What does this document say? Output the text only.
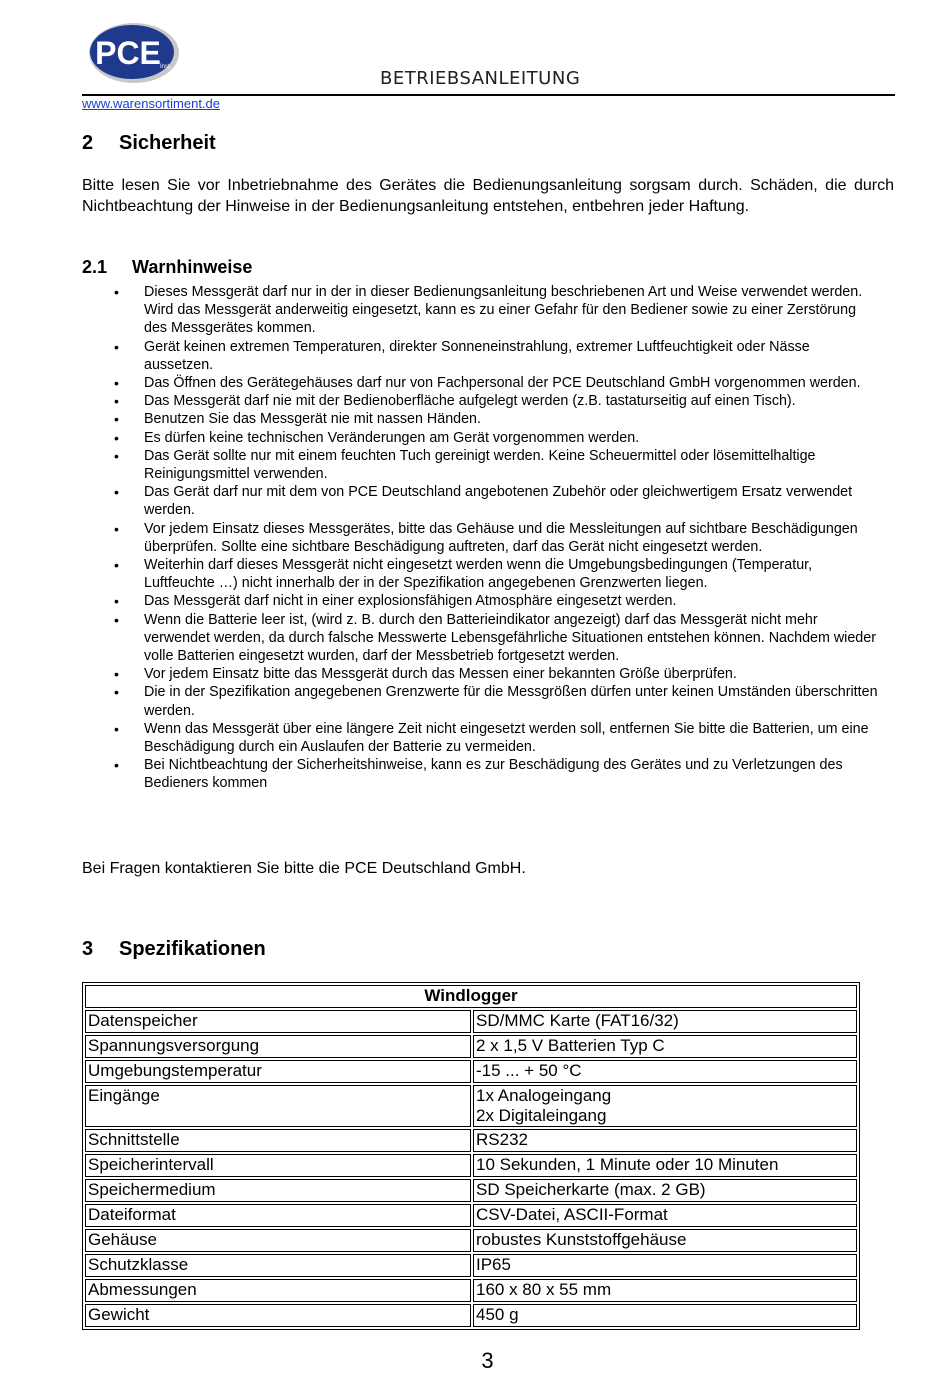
PCE Inst.
BETRIEBSANLEITUNG
www.warensortiment.de
2 Sicherheit

Bitte lesen Sie vor Inbetriebnahme des Gerätes die Bedienungsanleitung sorgsam durch. Schäden, die durch Nichtbeachtung der Hinweise in der Bedienungsanleitung entstehen, entbehren jeder Haftung.

2.1 Warnhinweise
• Dieses Messgerät darf nur in der in dieser Bedienungsanleitung beschriebenen Art und Weise verwendet werden. Wird das Messgerät anderweitig eingesetzt, kann es zu einer Gefahr für den Bediener sowie zu einer Zerstörung des Messgerätes kommen.
• Gerät keinen extremen Temperaturen, direkter Sonneneinstrahlung, extremer Luftfeuchtigkeit oder Nässe aussetzen.
• Das Öffnen des Gerätegehäuses darf nur von Fachpersonal der PCE Deutschland GmbH vorgenommen werden.
• Das Messgerät darf nie mit der Bedienoberfläche aufgelegt werden (z.B. tastaturseitig auf einen Tisch).
• Benutzen Sie das Messgerät nie mit nassen Händen.
• Es dürfen keine technischen Veränderungen am Gerät vorgenommen werden.
• Das Gerät sollte nur mit einem feuchten Tuch gereinigt werden. Keine Scheuermittel oder lösemittelhaltige Reinigungsmittel verwenden.
• Das Gerät darf nur mit dem von PCE Deutschland angebotenen Zubehör oder gleichwertigem Ersatz verwendet werden.
• Vor jedem Einsatz dieses Messgerätes, bitte das Gehäuse und die Messleitungen auf sichtbare Beschädigungen überprüfen. Sollte eine sichtbare Beschädigung auftreten, darf das Gerät nicht eingesetzt werden.
• Weiterhin darf dieses Messgerät nicht eingesetzt werden wenn die Umgebungsbedingungen (Temperatur, Luftfeuchte …) nicht innerhalb der in der Spezifikation angegebenen Grenzwerten liegen.
• Das Messgerät darf nicht in einer explosionsfähigen Atmosphäre eingesetzt werden.
• Wenn die Batterie leer ist, (wird z. B. durch den Batterieindikator angezeigt) darf das Messgerät nicht mehr verwendet werden, da durch falsche Messwerte Lebensgefährliche Situationen entstehen können. Nachdem wieder volle Batterien eingesetzt wurden, darf der Messbetrieb fortgesetzt werden.
• Vor jedem Einsatz bitte das Messgerät durch das Messen einer bekannten Größe überprüfen.
• Die in der Spezifikation angegebenen Grenzwerte für die Messgrößen dürfen unter keinen Umständen überschritten werden.
• Wenn das Messgerät über eine längere Zeit nicht eingesetzt werden soll, entfernen Sie bitte die Batterien, um eine Beschädigung durch ein Auslaufen der Batterie zu vermeiden.
• Bei Nichtbeachtung der Sicherheitshinweise, kann es zur Beschädigung des Gerätes und zu Verletzungen des Bedieners kommen

Bei Fragen kontaktieren Sie bitte die PCE Deutschland GmbH.

3 Spezifikationen
Windlogger	
Datenspeicher	SD/MMC Karte (FAT16/32)
Spannungsversorgung	2 x 1,5 V Batterien Typ C
Umgebungstemperatur	-15 ... + 50 °C
Eingänge	1x Analogeingang
2x Digitaleingang
Schnittstelle	RS232
Speicherintervall	10 Sekunden, 1 Minute oder 10 Minuten
Speichermedium	SD Speicherkarte (max. 2 GB)
Dateiformat	CSV-Datei, ASCII-Format
Gehäuse	robustes Kunststoffgehäuse
Schutzklasse	IP65
Abmessungen	160 x 80 x 55 mm
Gewicht	450 g
3
